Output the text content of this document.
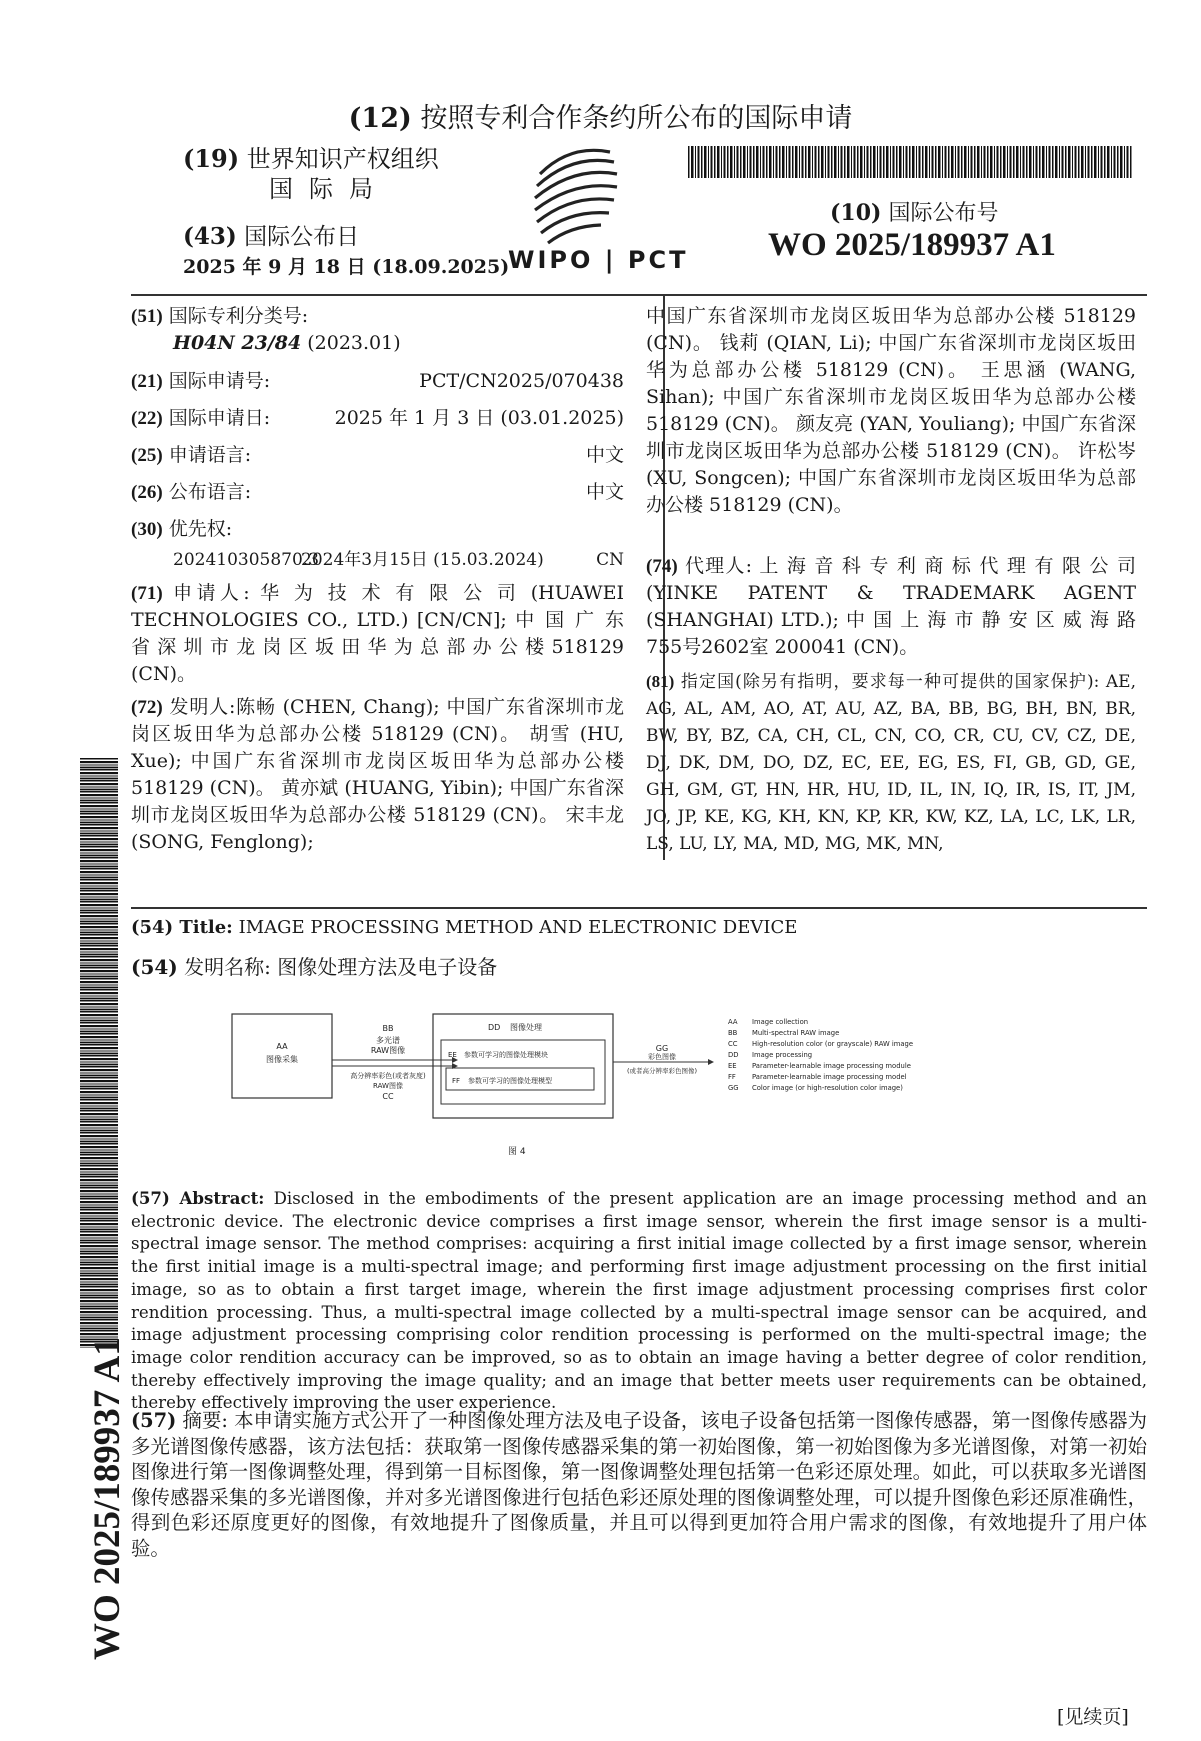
(12) 按照专利合作条约所公布的国际申请
(19) 世界知识产权组织
国际局
(43) 国际公布日
2025 年 9 月 18 日 (18.09.2025)
WIPO | PCT
(10) 国际公布号
WO 2025/189937 A1
(51) 国际专利分类号:
H04N 23/84 (2023.01)
(21) 国际申请号:	PCT/CN2025/070438
(22) 国际申请日:	2025 年 1 月 3 日 (03.01.2025)
(25) 申请语言:	中文
(26) 公布语言:	中文
(30) 优先权:
202410305870.3
2024年3月15日 (15.03.2024)	CN
(71) 申请人: 华 为 技 术 有 限 公 司 (HUAWEI TECHNOLOGIES CO., LTD.) [CN/CN]; 中 国 广 东 省 深 圳 市 龙 岗 区 坂 田 华 为 总 部 办 公 楼 518129 (CN)。
(72) 发明人:陈畅 (CHEN, Chang); 中国广东省深圳市龙岗区坂田华为总部办公楼 518129 (CN)。 胡雪 (HU, Xue); 中国广东省深圳市龙岗区坂田华为总部办公楼 518129 (CN)。 黄亦斌 (HUANG, Yibin); 中国广东省深圳市龙岗区坂田华为总部办公楼 518129 (CN)。 宋丰龙 (SONG, Fenglong);
中国广东省深圳市龙岗区坂田华为总部办公楼 518129 (CN)。 钱莉 (QIAN, Li); 中国广东省深圳市龙岗区坂田华为总部办公楼 518129 (CN)。 王思涵 (WANG, Sihan); 中国广东省深圳市龙岗区坂田华为总部办公楼 518129 (CN)。 颜友亮 (YAN, Youliang); 中国广东省深圳市龙岗区坂田华为总部办公楼 518129 (CN)。 许松岑 (XU, Songcen); 中国广东省深圳市龙岗区坂田华为总部办公楼 518129 (CN)。
(74) 代理人: 上 海 音 科 专 利 商 标 代 理 有 限 公 司 (YINKE PATENT & TRADEMARK AGENT (SHANGHAI) LTD.); 中 国 上 海 市 静 安 区 威 海 路755号2602室 200041 (CN)。
(81) 指定国(除另有指明，要求每一种可提供的国家保护): AE, AG, AL, AM, AO, AT, AU, AZ, BA, BB, BG, BH, BN, BR, BW, BY, BZ, CA, CH, CL, CN, CO, CR, CU, CV, CZ, DE, DJ, DK, DM, DO, DZ, EC, EE, EG, ES, FI, GB, GD, GE, GH, GM, GT, HN, HR, HU, ID, IL, IN, IQ, IR, IS, IT, JM, JO, JP, KE, KG, KH, KN, KP, KR, KW, KZ, LA, LC, LK, LR, LS, LU, LY, MA, MD, MG, MK, MN,
(54) Title: IMAGE PROCESSING METHOD AND ELECTRONIC DEVICE
(54) 发明名称: 图像处理方法及电子设备
AA
图像采集
BB
多光谱
RAW图像
高分辨率彩色(或者灰度)
RAW图像
CC
DD 图像处理
EE 参数可学习的图像处理模块
FF 参数可学习的图像处理模型
GG
彩色图像
(或者高分辨率彩色图像)
AA Image collection
BB Multi-spectral RAW image
CC High-resolution color (or grayscale) RAW image
DD Image processing
EE Parameter-learnable image processing module
FF Parameter-learnable image processing model
GG Color image (or high-resolution color image)
图 4
(57) Abstract: Disclosed in the embodiments of the present application are an image processing method and an electronic device. The electronic device comprises a first image sensor, wherein the first image sensor is a multi-spectral image sensor. The method comprises: acquiring a first initial image collected by a first image sensor, wherein the first initial image is a multi-spectral image; and performing first image adjustment processing on the first initial image, so as to obtain a first target image, wherein the first image adjustment processing comprises first color rendition processing. Thus, a multi-spectral image collected by a multi-spectral image sensor can be acquired, and image adjustment processing comprising color rendition processing is performed on the multi-spectral image; the image color rendition accuracy can be improved, so as to obtain an image having a better degree of color rendition, thereby effectively improving the image quality; and an image that better meets user requirements can be obtained, thereby effectively improving the user experience.
(57) 摘要: 本申请实施方式公开了一种图像处理方法及电子设备，该电子设备包括第一图像传感器，第一图像传感器为多光谱图像传感器，该方法包括：获取第一图像传感器采集的第一初始图像，第一初始图像为多光谱图像，对第一初始图像进行第一图像调整处理，得到第一目标图像，第一图像调整处理包括第一色彩还原处理。如此，可以获取多光谱图像传感器采集的多光谱图像，并对多光谱图像进行包括色彩还原处理的图像调整处理，可以提升图像色彩还原准确性，得到色彩还原度更好的图像，有效地提升了图像质量，并且可以得到更加符合用户需求的图像，有效地提升了用户体验。
WO 2025/189937 A1
[见续页]
